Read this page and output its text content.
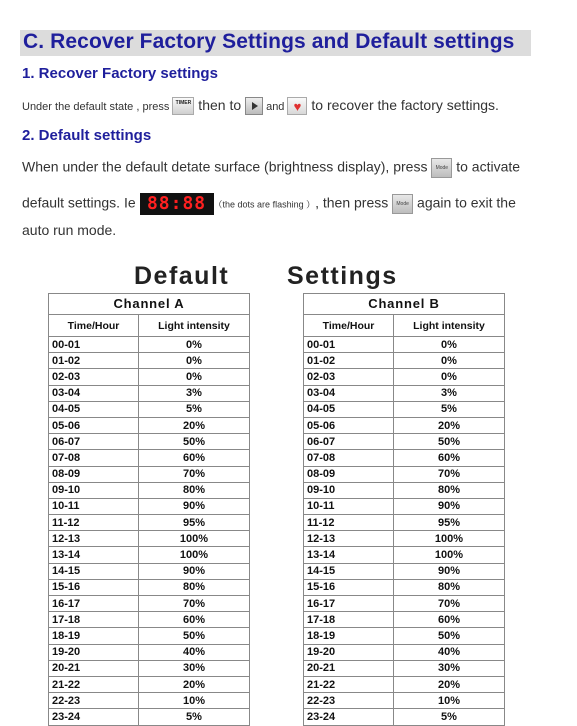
C. Recover Factory Settings and Default settings
1. Recover Factory settings
Under the default state , press TIMER then to  and ♥ to recover the factory settings.
2. Default settings
When under the default detate surface (brightness display), press Mode to activate
default settings. Ie 88:88 （the dots are flashing ）, then press Mode again to exit the
auto run mode.
Default Settings
Channel A	
Time/Hour	Light intensity
00-01	0%
01-02	0%
02-03	0%
03-04	3%
04-05	5%
05-06	20%
06-07	50%
07-08	60%
08-09	70%
09-10	80%
10-11	90%
11-12	95%
12-13	100%
13-14	100%
14-15	90%
15-16	80%
16-17	70%
17-18	60%
18-19	50%
19-20	40%
20-21	30%
21-22	20%
22-23	10%
23-24	5%
Channel B	
Time/Hour	Light intensity
00-01	0%
01-02	0%
02-03	0%
03-04	3%
04-05	5%
05-06	20%
06-07	50%
07-08	60%
08-09	70%
09-10	80%
10-11	90%
11-12	95%
12-13	100%
13-14	100%
14-15	90%
15-16	80%
16-17	70%
17-18	60%
18-19	50%
19-20	40%
20-21	30%
21-22	20%
22-23	10%
23-24	5%
